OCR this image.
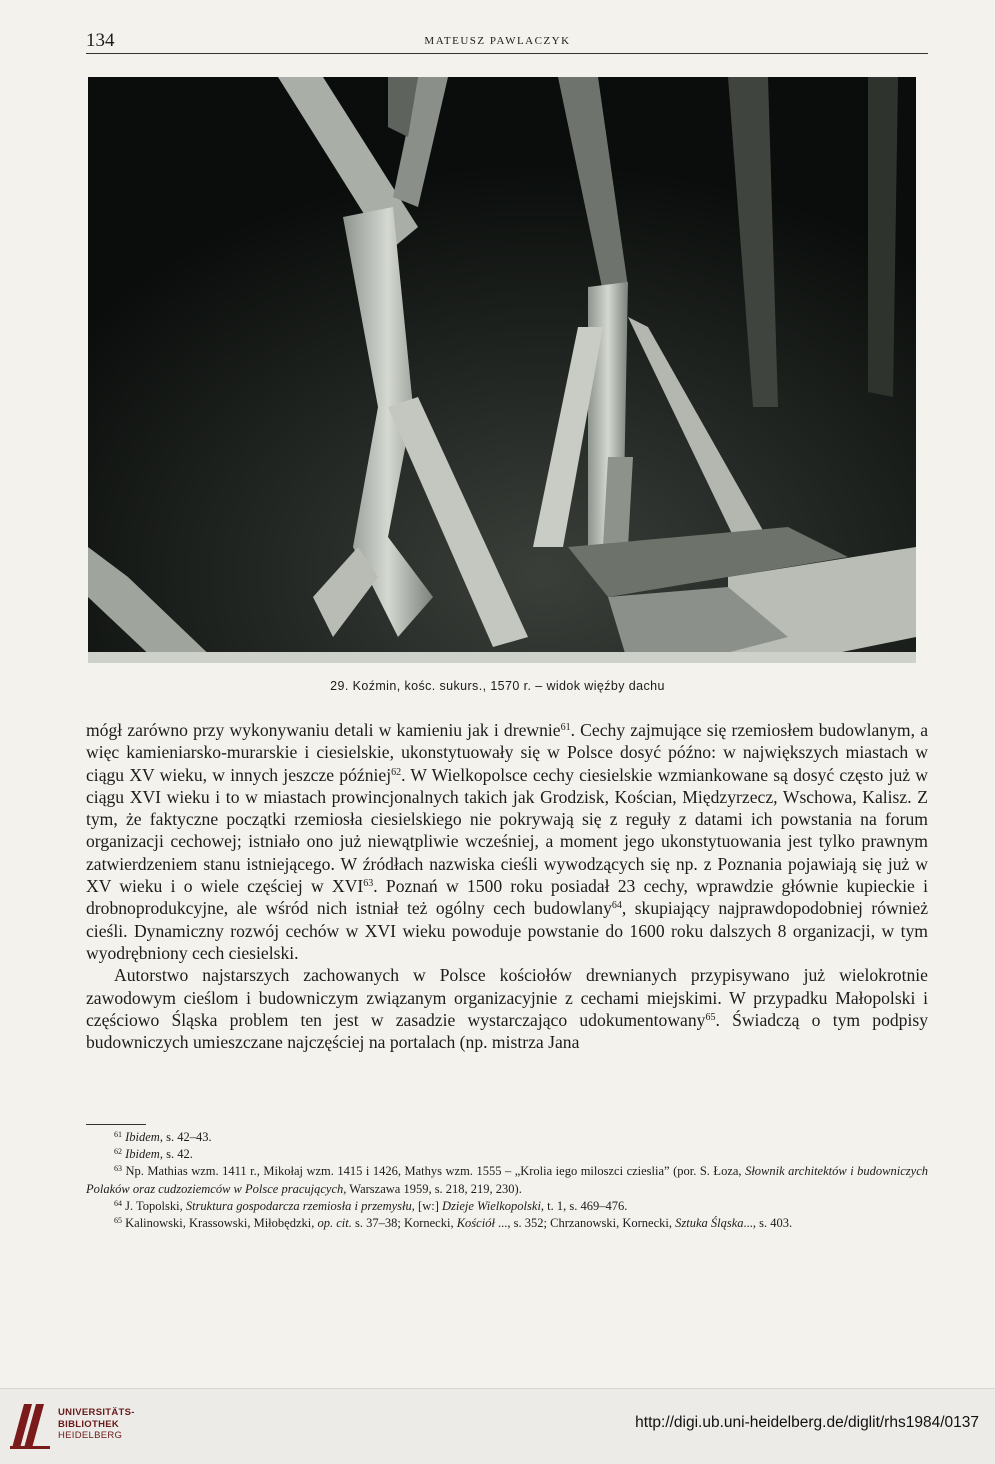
134	MATEUSZ PAWLACZYK
29. Koźmin, kośc. sukurs., 1570 r. – widok więźby dachu

mógł zarówno przy wykonywaniu detali w kamieniu jak i drewnie$^{61}$. Cechy zajmujące się rzemiosłem budowlanym, a więc kamieniarsko-murarskie i ciesielskie, ukonstytuowały się w Polsce dosyć późno: w największych miastach w ciągu XV wieku, w innych jeszcze później$^{62}$. W Wielkopolsce cechy ciesielskie wzmiankowane są dosyć często już w ciągu XVI wieku i to w miastach prowincjonalnych takich jak Grodzisk, Kościan, Międzyrzecz, Wschowa, Kalisz. Z tym, że faktyczne początki rzemiosła ciesielskiego nie pokrywają się z reguły z datami ich powstania na forum organizacji cechowej; istniało ono już niewątpliwie wcześniej, a moment jego ukonstytuowania jest tylko prawnym zatwierdzeniem stanu istniejącego. W źródłach nazwiska cieśli wywodzących się np. z Poznania pojawiają się już w XV wieku i o wiele częściej w XVI$^{63}$. Poznań w 1500 roku posiadał 23 cechy, wprawdzie głównie kupieckie i drobnoprodukcyjne, ale wśród nich istniał też ogólny cech budowlany$^{64}$, skupiający najprawdopodobniej również cieśli. Dynamiczny rozwój cechów w XVI wieku powoduje powstanie do 1600 roku dalszych 8 organizacji, w tym wyodrębniony cech ciesielski.

Autorstwo najstarszych zachowanych w Polsce kościołów drewnianych przypisywano już wielokrotnie zawodowym cieślom i budowniczym związanym organizacyjnie z cechami miejskimi. W przypadku Małopolski i częściowo Śląska problem ten jest w zasadzie wystarczająco udokumentowany$^{65}$. Świadczą o tym podpisy budowniczych umieszczane najczęściej na portalach (np. mistrza Jana

$^{61}$ Ibidem, s. 42–43.

$^{62}$ Ibidem, s. 42.

$^{63}$ Np. Mathias wzm. 1411 r., Mikołaj wzm. 1415 i 1426, Mathys wzm. 1555 – „Krolia iego miloszci czieslia” (por. S. Łoza, Słownik architektów i budowniczych Polaków oraz cudzoziemców w Polsce pracujących, Warszawa 1959, s. 218, 219, 230).

$^{64}$ J. Topolski, Struktura gospodarcza rzemiosła i przemysłu, [w:] Dzieje Wielkopolski, t. 1, s. 469–476.

$^{65}$ Kalinowski, Krassowski, Miłobędzki, op. cit. s. 37–38; Kornecki, Kościół ..., s. 352; Chrzanowski, Kornecki, Sztuka Śląska..., s. 403.

UNIVERSITÄTS-
BIBLIOTHEK
HEIDELBERG
http://digi.ub.uni-heidelberg.de/diglit/rhs1984/0137
